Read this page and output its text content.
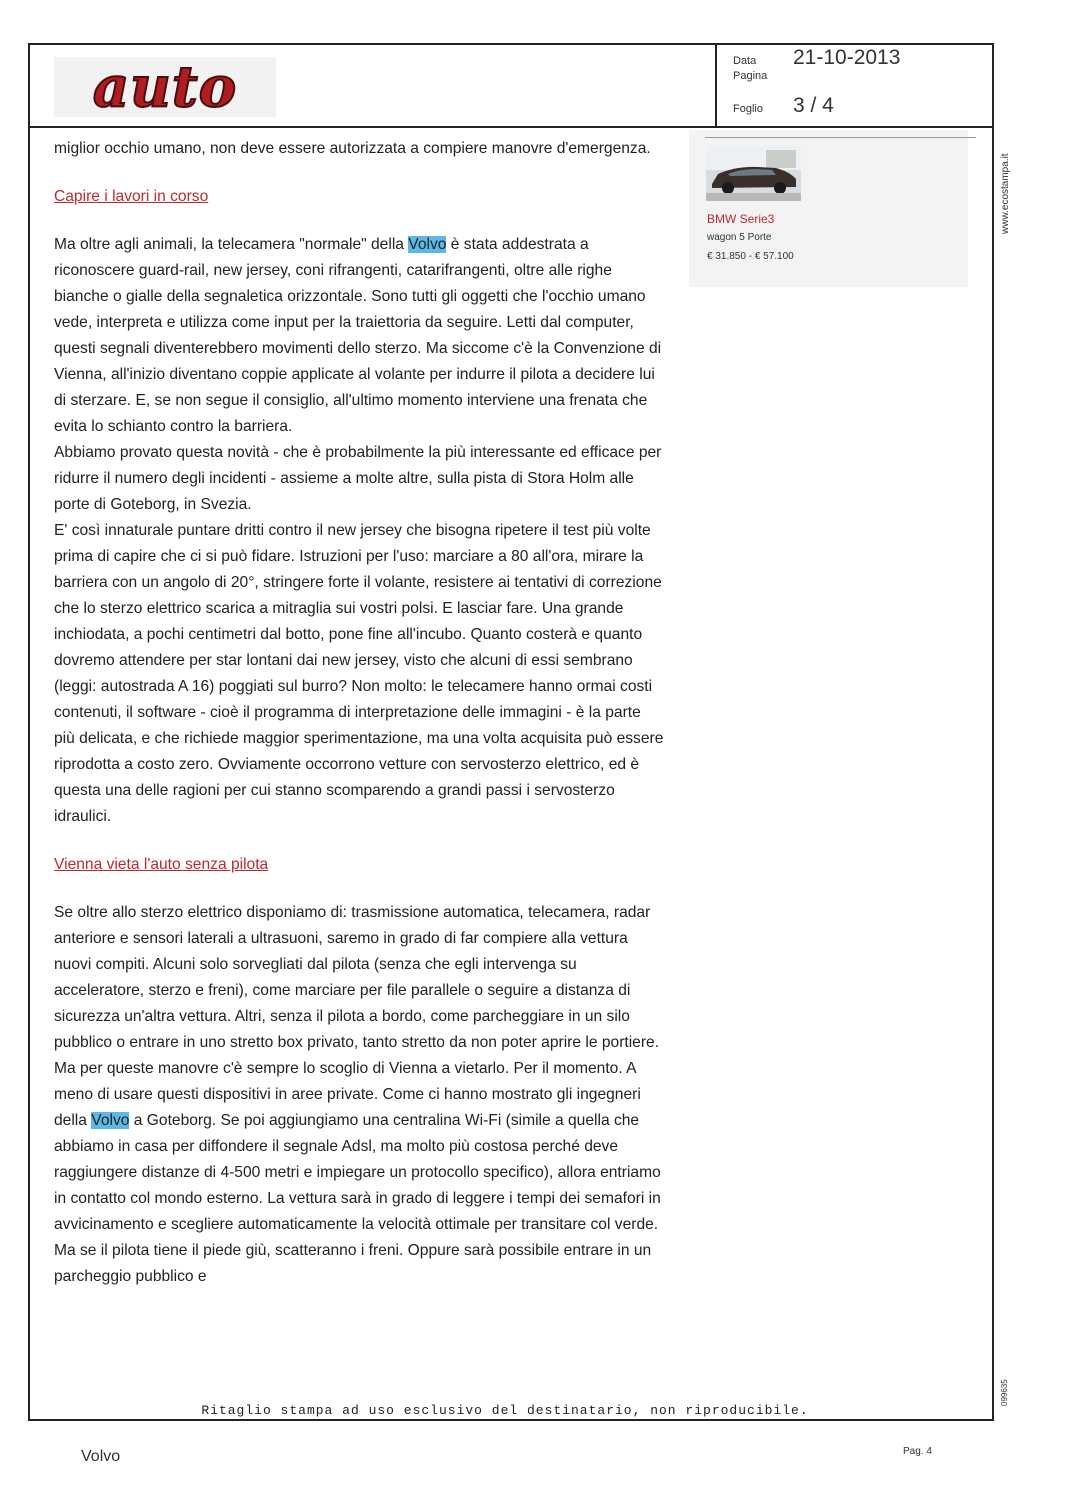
auto	Data	21-10-2013
Pagina
Foglio	3 / 4
BMW Serie3
wagon 5 Porte
€ 31.850 - € 57.100
www.ecostampa.it
099635

miglior occhio umano, non deve essere autorizzata a compiere manovre d'emergenza.

Capire i lavori in corso

Ma oltre agli animali, la telecamera "normale" della Volvo è stata addestrata a riconoscere guard-rail, new jersey, coni rifrangenti, catarifrangenti, oltre alle righe bianche o gialle della segnaletica orizzontale. Sono tutti gli oggetti che l'occhio umano vede, interpreta e utilizza come input per la traiettoria da seguire. Letti dal computer, questi segnali diventerebbero movimenti dello sterzo. Ma siccome c'è la Convenzione di Vienna, all'inizio diventano coppie applicate al volante per indurre il pilota a decidere lui di sterzare. E, se non segue il consiglio, all'ultimo momento interviene una frenata che evita lo schianto contro la barriera.

Abbiamo provato questa novità - che è probabilmente la più interessante ed efficace per ridurre il numero degli incidenti - assieme a molte altre, sulla pista di Stora Holm alle porte di Goteborg, in Svezia.

E' così innaturale puntare dritti contro il new jersey che bisogna ripetere il test più volte prima di capire che ci si può fidare. Istruzioni per l'uso: marciare a 80 all'ora, mirare la barriera con un angolo di 20°, stringere forte il volante, resistere ai tentativi di correzione che lo sterzo elettrico scarica a mitraglia sui vostri polsi. E lasciar fare. Una grande inchiodata, a pochi centimetri dal botto, pone fine all'incubo. Quanto costerà e quanto dovremo attendere per star lontani dai new jersey, visto che alcuni di essi sembrano (leggi: autostrada A 16) poggiati sul burro? Non molto: le telecamere hanno ormai costi contenuti, il software - cioè il programma di interpretazione delle immagini - è la parte più delicata, e che richiede maggior sperimentazione, ma una volta acquisita può essere riprodotta a costo zero. Ovviamente occorrono vetture con servosterzo elettrico, ed è questa una delle ragioni per cui stanno scomparendo a grandi passi i servosterzo idraulici.

Vienna vieta l'auto senza pilota

Se oltre allo sterzo elettrico disponiamo di: trasmissione automatica, telecamera, radar anteriore e sensori laterali a ultrasuoni, saremo in grado di far compiere alla vettura nuovi compiti. Alcuni solo sorvegliati dal pilota (senza che egli intervenga su acceleratore, sterzo e freni), come marciare per file parallele o seguire a distanza di sicurezza un'altra vettura. Altri, senza il pilota a bordo, come parcheggiare in un silo pubblico o entrare in uno stretto box privato, tanto stretto da non poter aprire le portiere. Ma per queste manovre c'è sempre lo scoglio di Vienna a vietarlo. Per il momento. A meno di usare questi dispositivi in aree private. Come ci hanno mostrato gli ingegneri della Volvo a Goteborg. Se poi aggiungiamo una centralina Wi-Fi (simile a quella che abbiamo in casa per diffondere il segnale Adsl, ma molto più costosa perché deve raggiungere distanze di 4-500 metri e impiegare un protocollo specifico), allora entriamo in contatto col mondo esterno. La vettura sarà in grado di leggere i tempi dei semafori in avvicinamento e scegliere automaticamente la velocità ottimale per transitare col verde. Ma se il pilota tiene il piede giù, scatteranno i freni. Oppure sarà possibile entrare in un parcheggio pubblico e

Ritaglio stampa ad uso esclusivo del destinatario, non riproducibile.
Volvo	Pag. 4
